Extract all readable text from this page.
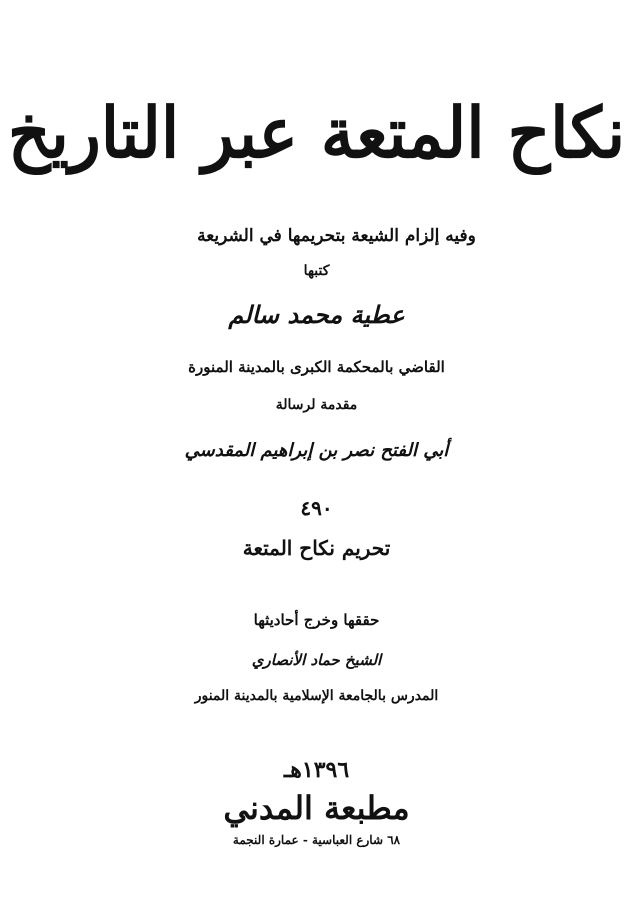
نكاح المتعة عبر التاريخ
وفيه إلزام الشيعة بتحريمها في الشريعة
كتبها
عطية محمد سالم
القاضي بالمحكمة الكبرى بالمدينة المنورة
مقدمة لرسالة
أبي الفتح نصر بن إبراهيم المقدسي
٤٩٠
تحريم نكاح المتعة
حققها وخرج أحاديثها
الشيخ حماد الأنصاري
المدرس بالجامعة الإسلامية بالمدينة المنور
١٣٩٦هـ
مطبعة المدني
٦٨ شارع العباسية - عمارة النجمة
